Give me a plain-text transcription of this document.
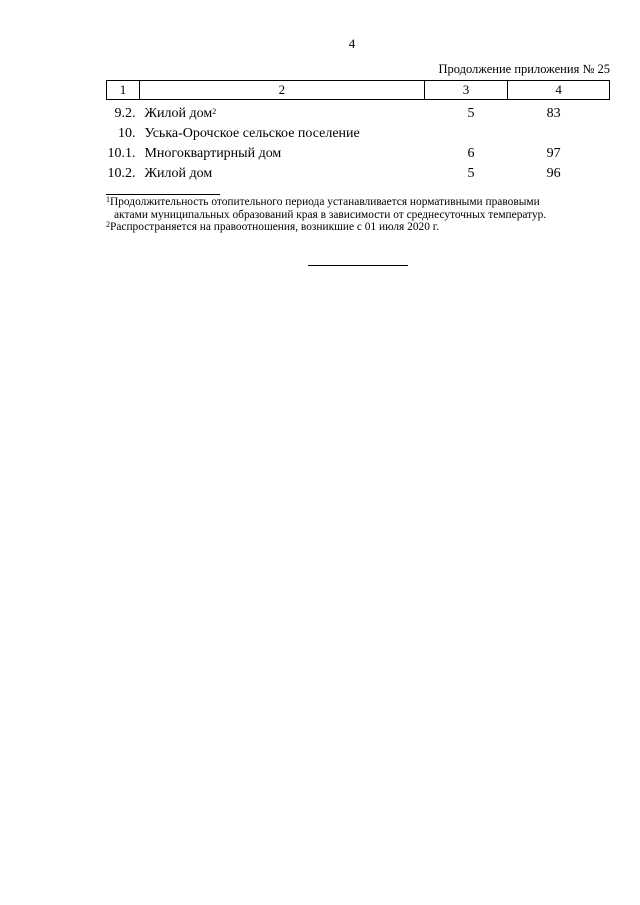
4
Продолжение приложения № 25
1	2	3	4
9.2.	Жилой дом$^2$	5	83
10.	Уська-Орочское сельское поселение		
10.1.	Многоквартирный дом	6	97
10.2.	Жилой дом	5	96

$^1$Продолжительность отопительного периода устанавливается нормативными правовыми
актами муниципальных образований края в зависимости от среднесуточных температур.

$^2$Распространяется на правоотношения, возникшие с 01 июля 2020 г.
